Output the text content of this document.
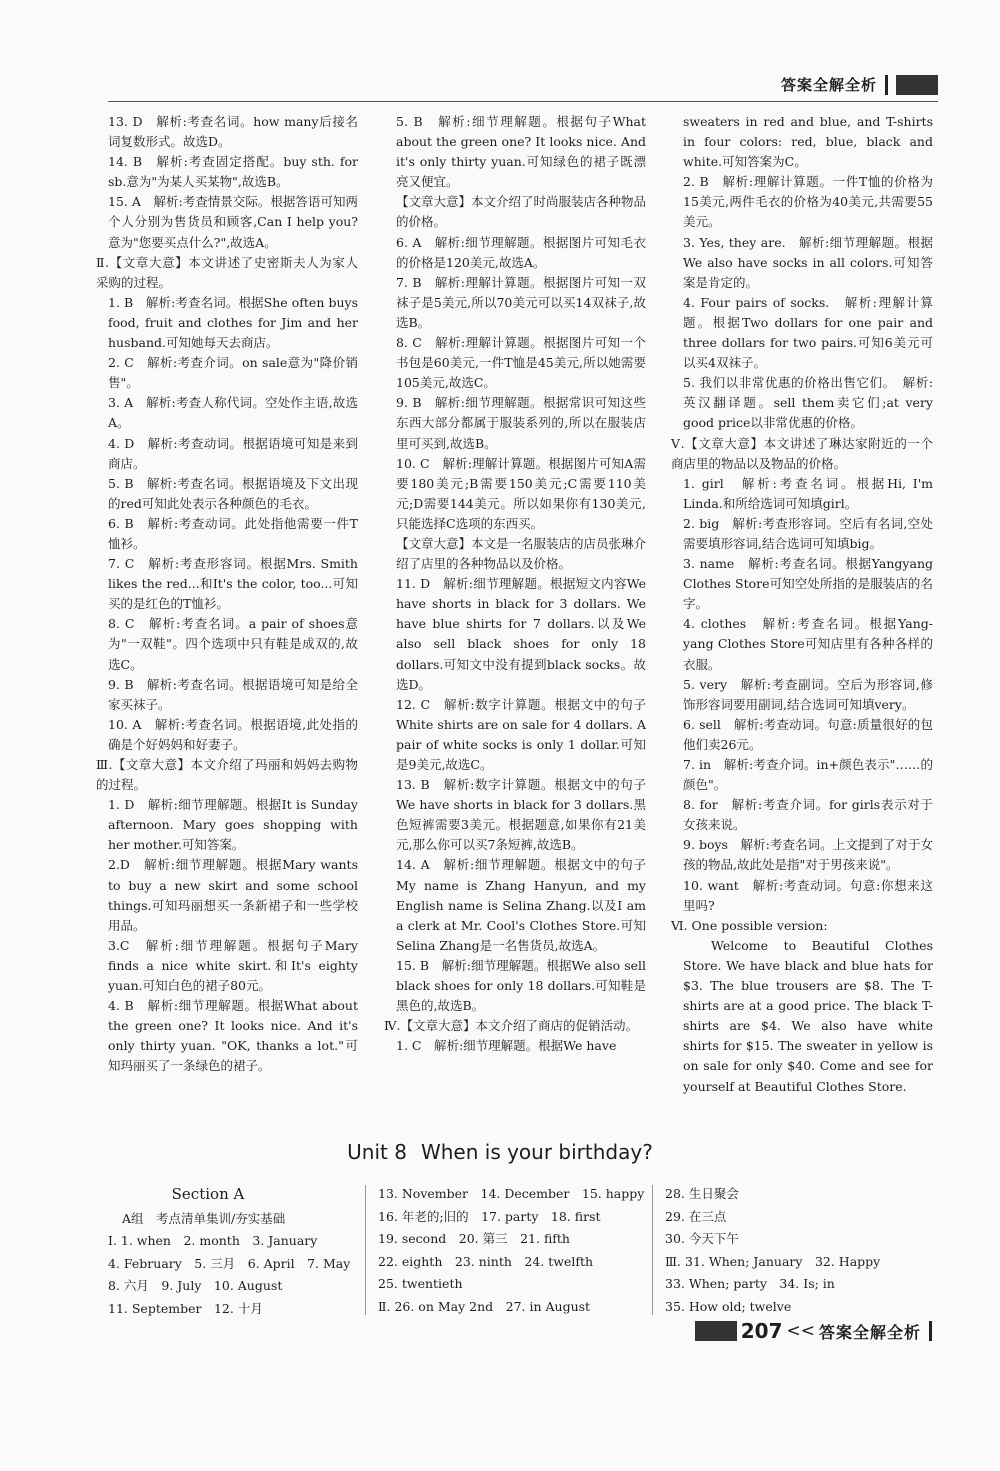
答案全解全析

13. D　解析:考查名词。how many后接名词复数形式。故选D。

14. B　解析:考查固定搭配。buy sth. for sb.意为"为某人买某物",故选B。

15. A　解析:考查情景交际。根据答语可知两个人分别为售货员和顾客,Can I help you?意为"您要买点什么?",故选A。

Ⅱ.【文章大意】本文讲述了史密斯夫人为家人采购的过程。

1. B　解析:考查名词。根据She often buys food, fruit and clothes for Jim and her husband.可知她每天去商店。

2. C　解析:考查介词。on sale意为"降价销售"。

3. A　解析:考查人称代词。空处作主语,故选A。

4. D　解析:考查动词。根据语境可知是来到商店。

5. B　解析:考查名词。根据语境及下文出现的red可知此处表示各种颜色的毛衣。

6. B　解析:考查动词。此处指他需要一件T恤衫。

7. C　解析:考查形容词。根据Mrs. Smith likes the red...和It's the color, too...可知买的是红色的T恤衫。

8. C　解析:考查名词。a pair of shoes意为"一双鞋"。四个选项中只有鞋是成双的,故选C。

9. B　解析:考查名词。根据语境可知是给全家买袜子。

10. A　解析:考查名词。根据语境,此处指的确是个好妈妈和好妻子。

Ⅲ.【文章大意】本文介绍了玛丽和妈妈去购物的过程。

1. D　解析:细节理解题。根据It is Sunday afternoon. Mary goes shopping with her mother.可知答案。

2.D　解析:细节理解题。根据Mary wants to buy a new skirt and some school things.可知玛丽想买一条新裙子和一些学校用品。

3.C　解析:细节理解题。根据句子Mary finds a nice white skirt.和It's eighty yuan.可知白色的裙子80元。

4. B　解析:细节理解题。根据What about the green one? It looks nice. And it's only thirty yuan. "OK, thanks a lot."可知玛丽买了一条绿色的裙子。

5. B　解析:细节理解题。根据句子What about the green one? It looks nice. And it's only thirty yuan.可知绿色的裙子既漂亮又便宜。

【文章大意】本文介绍了时尚服装店各种物品的价格。

6. A　解析:细节理解题。根据图片可知毛衣的价格是120美元,故选A。

7. B　解析:理解计算题。根据图片可知一双袜子是5美元,所以70美元可以买14双袜子,故选B。

8. C　解析:理解计算题。根据图片可知一个书包是60美元,一件T恤是45美元,所以她需要105美元,故选C。

9. B　解析:细节理解题。根据常识可知这些东西大部分都属于服装系列的,所以在服装店里可买到,故选B。

10. C　解析:理解计算题。根据图片可知A需要180美元;B需要150美元;C需要110美元;D需要144美元。所以如果你有130美元,只能选择C选项的东西买。

【文章大意】本文是一名服装店的店员张琳介绍了店里的各种物品以及价格。

11. D　解析:细节理解题。根据短文内容We have shorts in black for 3 dollars. We have blue shirts for 7 dollars.以及We also sell black shoes for only 18 dollars.可知文中没有提到black socks。故选D。

12. C　解析:数字计算题。根据文中的句子White shirts are on sale for 4 dollars. A pair of white socks is only 1 dollar.可知是9美元,故选C。

13. B　解析:数字计算题。根据文中的句子We have shorts in black for 3 dollars.黑色短裤需要3美元。根据题意,如果你有21美元,那么你可以买7条短裤,故选B。

14. A　解析:细节理解题。根据文中的句子My name is Zhang Hanyun, and my English name is Selina Zhang.以及I am a clerk at Mr. Cool's Clothes Store.可知Selina Zhang是一名售货员,故选A。

15. B　解析:细节理解题。根据We also sell black shoes for only 18 dollars.可知鞋是黑色的,故选B。

Ⅳ.【文章大意】本文介绍了商店的促销活动。

1. C　解析:细节理解题。根据We have

sweaters in red and blue, and T-shirts in four colors: red, blue, black and white.可知答案为C。

2. B　解析:理解计算题。一件T恤的价格为15美元,两件毛衣的价格为40美元,共需要55美元。

3. Yes, they are.　解析:细节理解题。根据We also have socks in all colors.可知答案是肯定的。

4. Four pairs of socks.　解析:理解计算题。根据Two dollars for one pair and three dollars for two pairs.可知6美元可以买4双袜子。

5. 我们以非常优惠的价格出售它们。　解析:英汉翻译题。sell them卖它们;at very good price以非常优惠的价格。

Ⅴ.【文章大意】本文讲述了琳达家附近的一个商店里的物品以及物品的价格。

1. girl　解析:考查名词。根据Hi, I'm Linda.和所给选词可知填girl。

2. big　解析:考查形容词。空后有名词,空处需要填形容词,结合选词可知填big。

3. name　解析:考查名词。根据Yangyang Clothes Store可知空处所指的是服装店的名字。

4. clothes　解析:考查名词。根据Yang-yang Clothes Store可知店里有各种各样的衣服。

5. very　解析:考查副词。空后为形容词,修饰形容词要用副词,结合选词可知填very。

6. sell　解析:考查动词。句意:质量很好的包他们卖26元。

7. in　解析:考查介词。in+颜色表示"……的颜色"。

8. for　解析:考查介词。for girls表示对于女孩来说。

9. boys　解析:考查名词。上文提到了对于女孩的物品,故此处是指"对于男孩来说"。

10. want　解析:考查动词。句意:你想来这里吗?

Ⅵ. One possible version:

Welcome to Beautiful Clothes Store. We have black and blue hats for $3. The blue trousers are $8. The T-shirts are at a good price. The black T-shirts are $4. We also have white shirts for $15. The sweater in yellow is on sale for only $40. Come and see for yourself at Beautiful Clothes Store.

Unit 8 When is your birthday?

Section A

A组　考点清单集训/夯实基础

Ⅰ. 1. when　2. month　3. January

4. February　5. 三月　6. April　7. May

8. 六月　9. July　10. August

11. September　12. 十月

13. November　14. December　15. happy

16. 年老的;旧的　17. party　18. first

19. second　20. 第三　21. fifth

22. eighth　23. ninth　24. twelfth

25. twentieth

Ⅱ. 26. on May 2nd　27. in August

28. 生日聚会

29. 在三点

30. 今天下午

Ⅲ. 31. When; January　32. Happy

33. When; party　34. Is; in

35. How old; twelve

207 << 答案全解全析
